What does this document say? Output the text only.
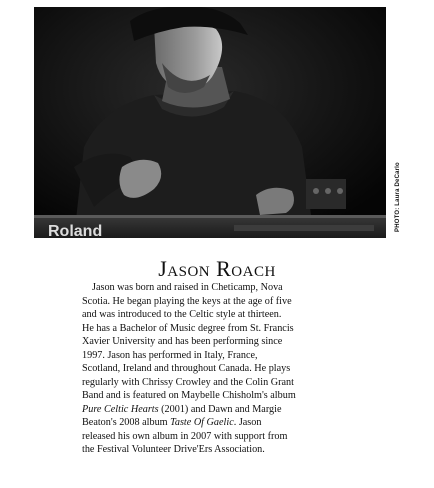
Roland	PHOTO: Laura DeCarlo
Jason Roach
Jason was born and raised in Cheticamp, Nova
Scotia. He began playing the keys at the age of five
and was introduced to the Celtic style at thirteen.
He has a Bachelor of Music degree from St. Francis
Xavier University and has been performing since
1997. Jason has performed in Italy, France,
Scotland, Ireland and throughout Canada. He plays
regularly with Chrissy Crowley and the Colin Grant
Band and is featured on Maybelle Chisholm's album
Pure Celtic Hearts (2001) and Dawn and Margie
Beaton's 2008 album Taste Of Gaelic. Jason
released his own album in 2007 with support from
the Festival Volunteer Drive'Ers Association.
